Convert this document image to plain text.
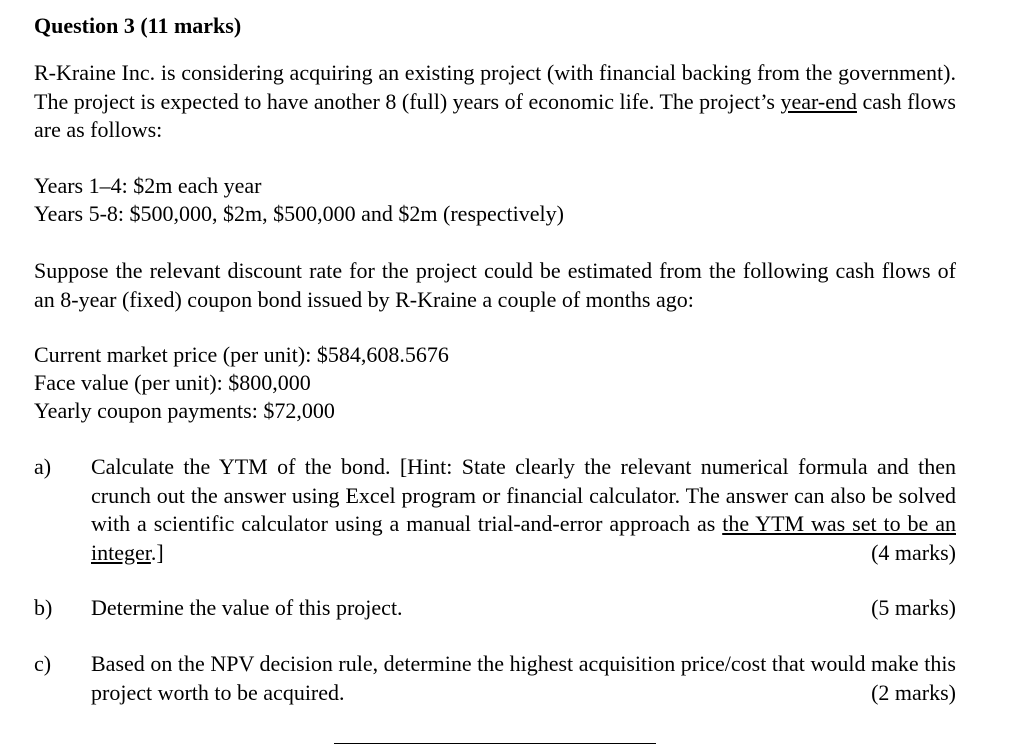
Question 3 (11 marks)
R-Kraine Inc. is considering acquiring an existing project (with financial backing from the government). The project is expected to have another 8 (full) years of economic life. The project’s year-end cash flows are as follows:
Years 1–4: $2m each year
Years 5-8: $500,000, $2m, $500,000 and $2m (respectively)
Suppose the relevant discount rate for the project could be estimated from the following cash flows of an 8-year (fixed) coupon bond issued by R-Kraine a couple of months ago:
Current market price (per unit): $584,608.5676
Face value (per unit): $800,000
Yearly coupon payments: $72,000
a) Calculate the YTM of the bond. [Hint: State clearly the relevant numerical formula and then crunch out the answer using Excel program or financial calculator. The answer can also be solved with a scientific calculator using a manual trial-and-error approach as the YTM was set to be an integer.]	(4 marks)
b) Determine the value of this project.	(5 marks)
c) Based on the NPV decision rule, determine the highest acquisition price/cost that would make this project worth to be acquired.	(2 marks)
